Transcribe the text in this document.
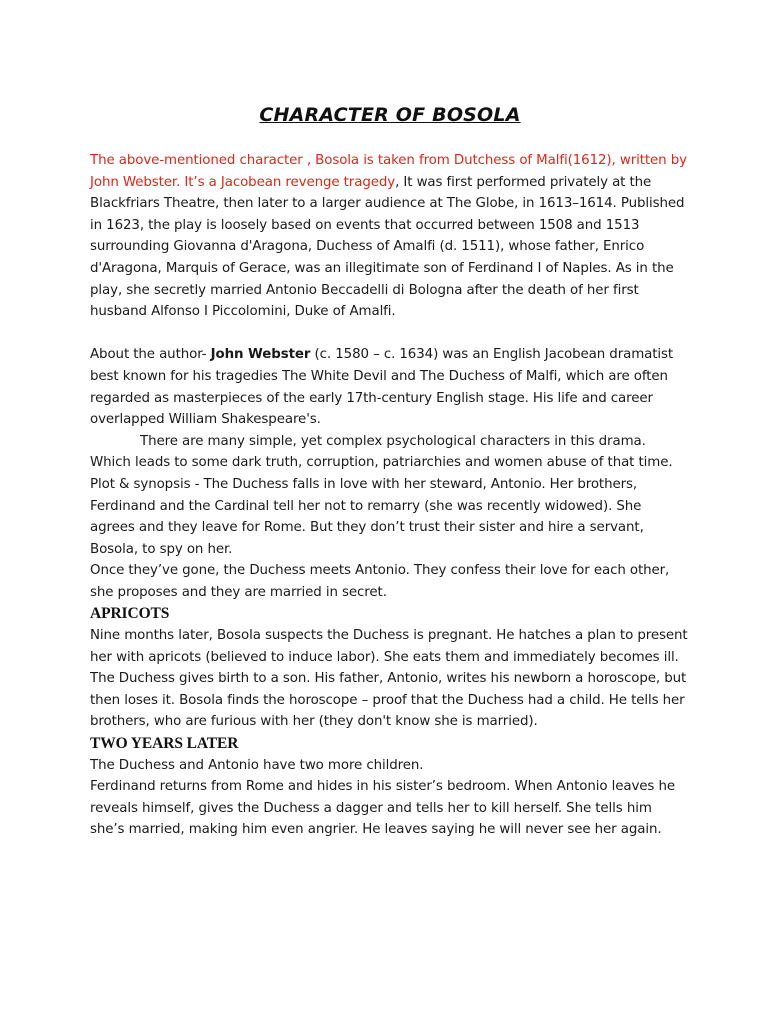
CHARACTER OF BOSOLA

The above-mentioned character , Bosola is taken from Dutchess of Malfi(1612), written by John Webster. It’s a Jacobean revenge tragedy, It was first performed privately at the Blackfriars Theatre, then later to a larger audience at The Globe, in 1613–1614. Published in 1623, the play is loosely based on events that occurred between 1508 and 1513 surrounding Giovanna d'Aragona, Duchess of Amalfi (d. 1511), whose father, Enrico d'Aragona, Marquis of Gerace, was an illegitimate son of Ferdinand I of Naples. As in the play, she secretly married Antonio Beccadelli di Bologna after the death of her first husband Alfonso I Piccolomini, Duke of Amalfi.

About the author- John Webster (c. 1580 – c. 1634) was an English Jacobean dramatist best known for his tragedies The White Devil and The Duchess of Malfi, which are often regarded as masterpieces of the early 17th-century English stage. His life and career overlapped William Shakespeare's.

There are many simple, yet complex psychological characters in this drama. Which leads to some dark truth, corruption, patriarchies and women abuse of that time.

Plot & synopsis - The Duchess falls in love with her steward, Antonio. Her brothers, Ferdinand and the Cardinal tell her not to remarry (she was recently widowed). She agrees and they leave for Rome. But they don’t trust their sister and hire a servant, Bosola, to spy on her.

Once they’ve gone, the Duchess meets Antonio. They confess their love for each other, she proposes and they are married in secret.

APRICOTS

Nine months later, Bosola suspects the Duchess is pregnant. He hatches a plan to present her with apricots (believed to induce labor). She eats them and immediately becomes ill.

The Duchess gives birth to a son. His father, Antonio, writes his newborn a horoscope, but then loses it. Bosola finds the horoscope – proof that the Duchess had a child. He tells her brothers, who are furious with her (they don't know she is married).

TWO YEARS LATER

The Duchess and Antonio have two more children.

Ferdinand returns from Rome and hides in his sister’s bedroom. When Antonio leaves he reveals himself, gives the Duchess a dagger and tells her to kill herself. She tells him she’s married, making him even angrier. He leaves saying he will never see her again.
